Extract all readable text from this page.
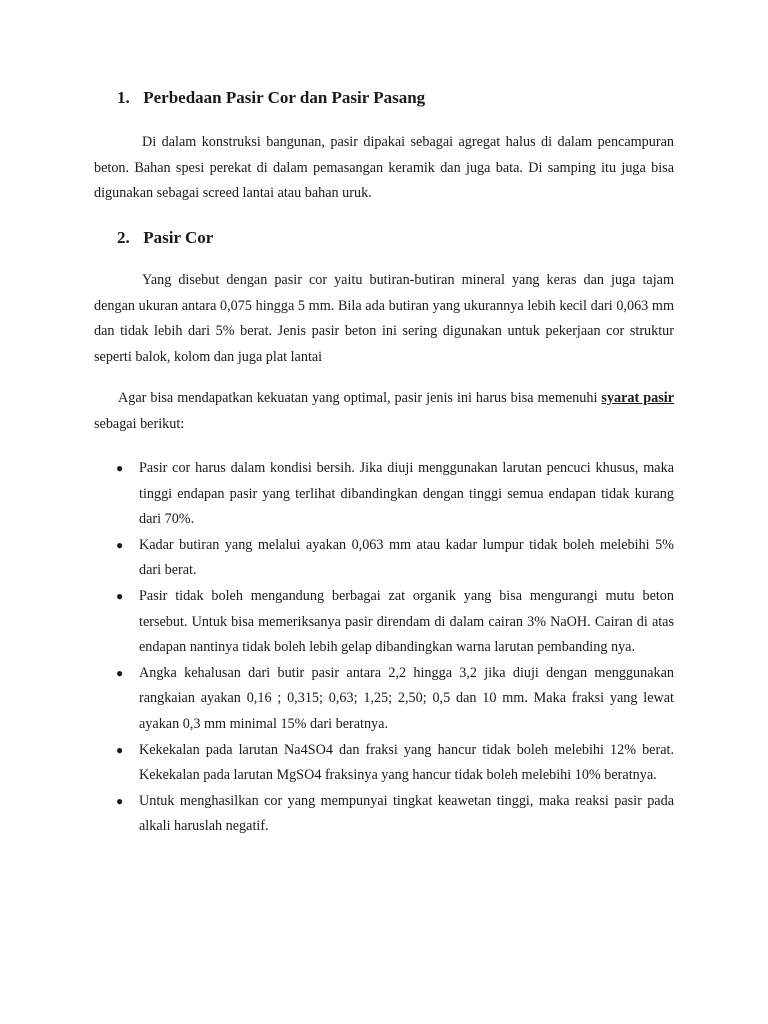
1. Perbedaan Pasir Cor dan Pasir Pasang

Di dalam konstruksi bangunan, pasir dipakai sebagai agregat halus di dalam pencampuran beton. Bahan spesi perekat di dalam pemasangan keramik dan juga bata. Di samping itu juga bisa digunakan sebagai screed lantai atau bahan uruk.

2. Pasir Cor

Yang disebut dengan pasir cor yaitu butiran-butiran mineral yang keras dan juga tajam dengan ukuran antara 0,075 hingga 5 mm. Bila ada butiran yang ukurannya lebih kecil dari 0,063 mm dan tidak lebih dari 5% berat. Jenis pasir beton ini sering digunakan untuk pekerjaan cor struktur seperti balok, kolom dan juga plat lantai

Agar bisa mendapatkan kekuatan yang optimal, pasir jenis ini harus bisa memenuhi syarat pasir sebagai berikut:

● Pasir cor harus dalam kondisi bersih. Jika diuji menggunakan larutan pencuci khusus, maka tinggi endapan pasir yang terlihat dibandingkan dengan tinggi semua endapan tidak kurang dari 70%.
● Kadar butiran yang melalui ayakan 0,063 mm atau kadar lumpur tidak boleh melebihi 5% dari berat.
● Pasir tidak boleh mengandung berbagai zat organik yang bisa mengurangi mutu beton tersebut. Untuk bisa memeriksanya pasir direndam di dalam cairan 3% NaOH. Cairan di atas endapan nantinya tidak boleh lebih gelap dibandingkan warna larutan pembanding nya.
● Angka kehalusan dari butir pasir antara 2,2 hingga 3,2 jika diuji dengan menggunakan rangkaian ayakan 0,16 ; 0,315; 0,63; 1,25; 2,50; 0,5 dan 10 mm. Maka fraksi yang lewat ayakan 0,3 mm minimal 15% dari beratnya.
● Kekekalan pada larutan Na4SO4 dan fraksi yang hancur tidak boleh melebihi 12% berat. Kekekalan pada larutan MgSO4 fraksinya yang hancur tidak boleh melebihi 10% beratnya.
● Untuk menghasilkan cor yang mempunyai tingkat keawetan tinggi, maka reaksi pasir pada alkali haruslah negatif.
